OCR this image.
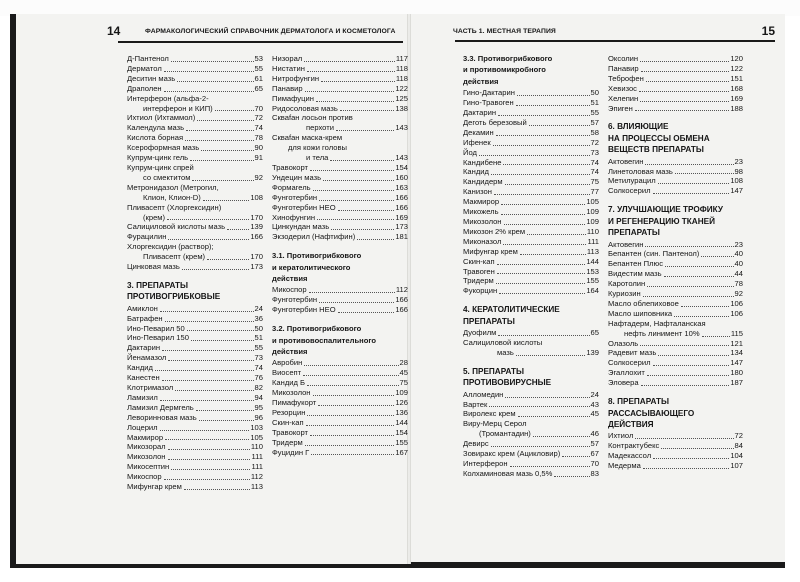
14	ФАРМАКОЛОГИЧЕСКИЙ СПРАВОЧНИК ДЕРМАТОЛОГА И КОСМЕТОЛОГА	ЧАСТЬ 1. МЕСТНАЯ ТЕРАПИЯ	15
Д-Пантенол	53
Дерматол	55
Деситин мазь	61
Драполен	65
Интерферон (альфа-2-
интерферон и КИП)	70
Ихтиол (Ихтаммол)	72
Календула мазь	74
Кислота борная	78
Ксероформная мазь	90
Купрум-цинк гель	91
Купрум-цинк спрей
со смектитом	92
Метронидазол (Метрогил,
Клион, Клион-D)	108
Пливасепт (Хлоргексидин)
(крем)	170
Салициловой кислоты мазь	139
Фурацилин	166
Хлоргексидин (раствор);
Пливасепт (крем)	170
Цинковая мазь	173
3. ПРЕПАРАТЫ
ПРОТИВОГРИБКОВЫЕ
Амиклон	24
Батрафен	36
Ино-Певарил 50	50
Ино-Певарил 150	51
Дактарин	55
Йенамазол	73
Кандид	74
Канестен	76
Клотримазол	82
Ламизил	94
Ламизил Дермгель	95
Леворинновая мазь	96
Лоцерил	103
Макмирор	105
Микозорал	110
Микозолон	111
Микосептин	111
Микоспор	112
Мифунгар крем	113
Низорал	117
Нистатин	118
Нитрофунгин	118
Панавир	122
Пимафуцин	125
Ридосоловая мазь	138
Скваfан лосьон против
перхоти	143
Скваfан маска-крем
для кожи головы
и тела	143
Травокорт	154
Ундецин мазь	160
Формагель	163
Фунготербин	166
Фунготербин НЕО	166
Хинофунгин	169
Цинкундан мазь	173
Экзодерил (Нафтифин)	181
3.1. Противогрибкового
и кератолитического
действия
Микоспор	112
Фунготербин	166
Фунготербин НЕО	166
3.2. Противогрибкового
и противовоспалительного
действия
Авробин	28
Виосепт	45
Кандид Б	75
Микозолон	109
Пимафукорт	126
Резорцин	136
Скин-кап	144
Травокорт	154
Тридерм	155
Фуцидин Г	167
3.3. Противогрибкового
и противомикробного
действия
Гино-Дактарин	50
Гино-Травоген	51
Дактарин	55
Деготь березовый	57
Декамин	58
Ифенек	72
Йод	73
Кандибене	74
Кандид	74
Кандидерм	75
Канизон	77
Макмирор	105
Микожель	109
Микозолон	109
Микозон 2% крем	110
Миконазол	111
Мифунгар крем	113
Скин-кап	144
Травоген	153
Тридерм	155
Фукорцин	164
4. КЕРАТОЛИТИЧЕСКИЕ
ПРЕПАРАТЫ
Дуофилм	65
Салициловой кислоты
мазь	139
5. ПРЕПАРАТЫ
ПРОТИВОВИРУСНЫЕ
Алломедин	24
Вартек	43
Виролекс крем	45
Виру-Мерц Серол
(Тромантадин)	46
Девирс	57
Зовиракс крем (Ацикловир)	67
Интерферон	70
Колхаминовая мазь 0,5%	83
Оксолин	120
Панавир	122
Теброфен	151
Хевизос	168
Хелепин	169
Эпиген	188
6. ВЛИЯЮЩИЕ
НА ПРОЦЕССЫ ОБМЕНА
ВЕЩЕСТВ ПРЕПАРАТЫ
Актовегин	23
Линетоловая мазь	98
Метилурацил	108
Солкосерил	147
7. УЛУЧШАЮЩИЕ ТРОФИКУ
И РЕГЕНЕРАЦИЮ ТКАНЕЙ
ПРЕПАРАТЫ
Актовегин	23
Бепантен (син. Пантенол)	40
Бепантен Плюс	40
Видестим мазь	44
Каротолин	78
Куриозин	92
Масло облепиховое	106
Масло шиповника	106
Нафтадерм, Нафталанская
нефть линимент 10%	115
Олазоль	121
Радевит мазь	134
Солкосерил	147
Эгаллохит	180
Эловера	187
8. ПРЕПАРАТЫ
РАССАСЫВАЮЩЕГО
ДЕЙСТВИЯ
Ихтиол	72
Контрактубекс	84
Мадекассол	104
Медерма	107
